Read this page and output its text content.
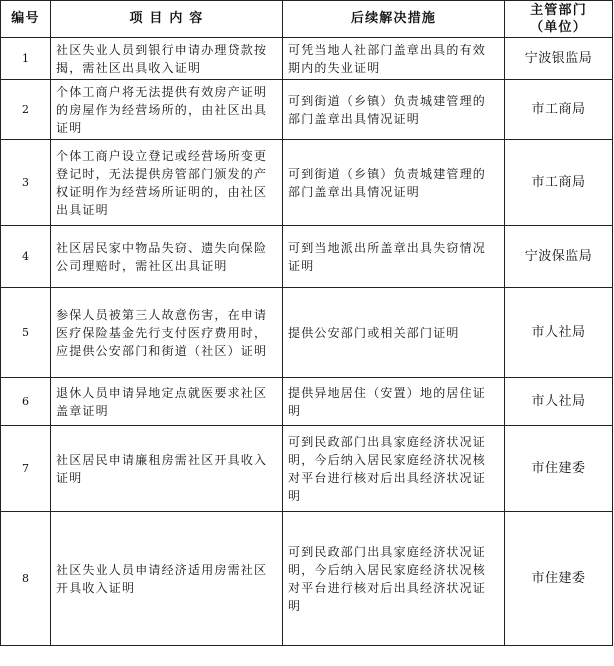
编号	项 目 内 容	后续解决措施	主管部门
（单位）

1	社区失业人员到银行申请办理贷款按揭，需社区出具收入证明	可凭当地人社部门盖章出具的有效期内的失业证明	宁波银监局
2	个体工商户将无法提供有效房产证明的房屋作为经营场所的，由社区出具证明	可到街道（乡镇）负责城建管理的部门盖章出具情况证明	市工商局
3	个体工商户设立登记或经营场所变更登记时，无法提供房管部门颁发的产权证明作为经营场所证明的，由社区出具证明	可到街道（乡镇）负责城建管理的部门盖章出具情况证明	市工商局
4	社区居民家中物品失窃、遗失向保险公司理赔时，需社区出具证明	可到当地派出所盖章出具失窃情况证明	宁波保监局
5	参保人员被第三人故意伤害，在申请医疗保险基金先行支付医疗费用时，应提供公安部门和街道（社区）证明	提供公安部门或相关部门证明	市人社局
6	退休人员申请异地定点就医要求社区盖章证明	提供异地居住（安置）地的居住证明	市人社局
7	社区居民申请廉租房需社区开具收入证明	可到民政部门出具家庭经济状况证明，今后纳入居民家庭经济状况核对平台进行核对后出具经济状况证明	市住建委
8	社区失业人员申请经济适用房需社区开具收入证明	可到民政部门出具家庭经济状况证明，今后纳入居民家庭经济状况核对平台进行核对后出具经济状况证明	市住建委
